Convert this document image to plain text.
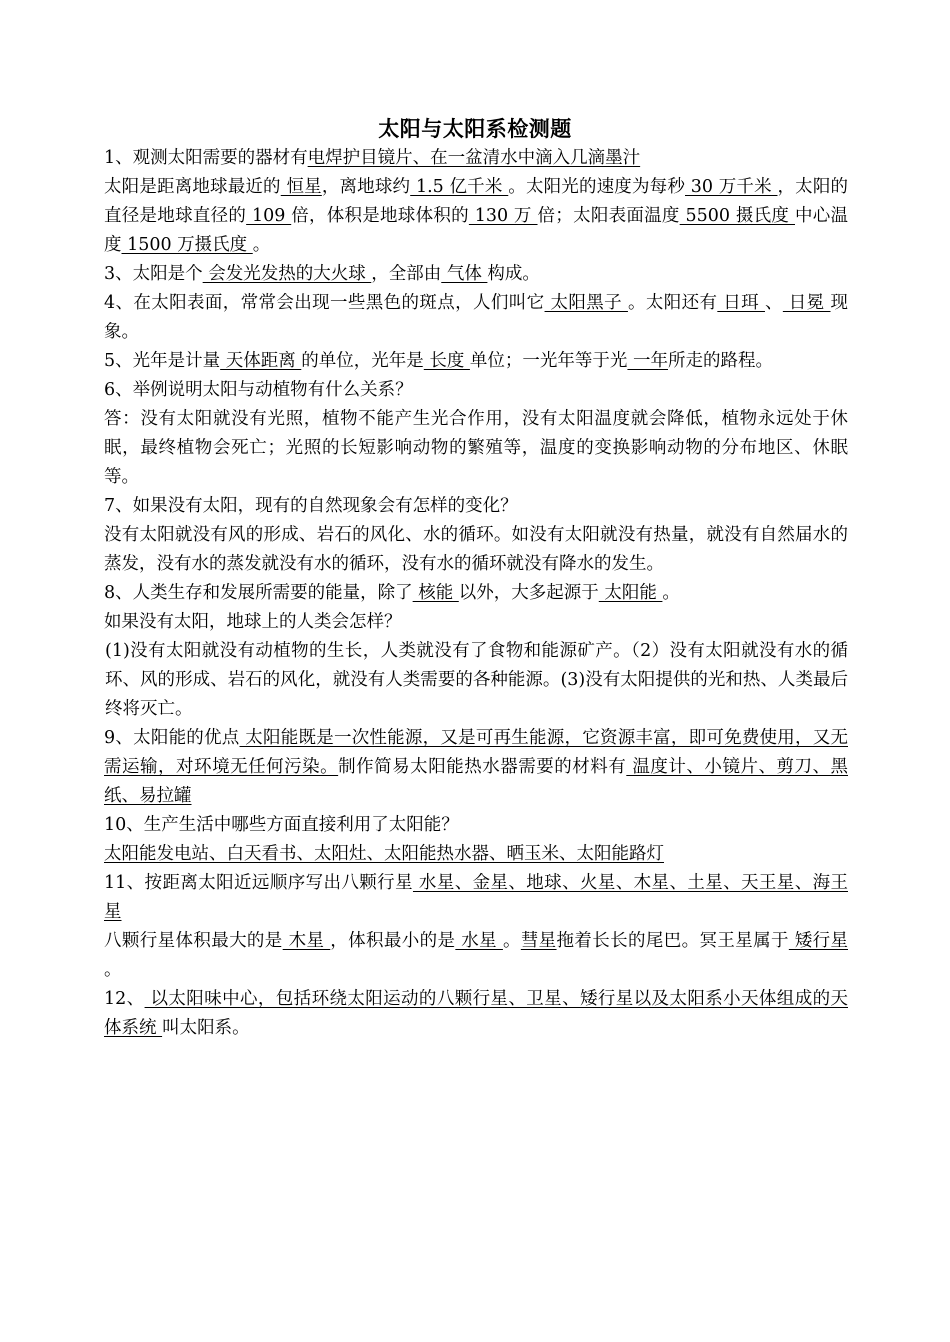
太阳与太阳系检测题

1、观测太阳需要的器材有电焊护目镜片、在一盆清水中滴入几滴墨汁

太阳是距离地球最近的 恒星，离地球约 1.5 亿千米 。太阳光的速度为每秒 30 万千米 ，太阳的直径是地球直径的 109 倍，体积是地球体积的 130 万 倍；太阳表面温度 5500 摄氏度 中心温度 1500 万摄氏度 。

3、太阳是个 会发光发热的大火球 ，全部由 气体 构成。

4、在太阳表面，常常会出现一些黑色的斑点，人们叫它 太阳黑子 。太阳还有 日珥 、 日冕 现象。

5、光年是计量 天体距离 的单位，光年是 长度 单位；一光年等于光 一年所走的路程。

6、举例说明太阳与动植物有什么关系？

答：没有太阳就没有光照，植物不能产生光合作用，没有太阳温度就会降低，植物永远处于休眠，最终植物会死亡；光照的长短影响动物的繁殖等，温度的变换影响动物的分布地区、休眠等。

7、如果没有太阳，现有的自然现象会有怎样的变化？

没有太阳就没有风的形成、岩石的风化、水的循环。如没有太阳就没有热量，就没有自然届水的蒸发，没有水的蒸发就没有水的循环，没有水的循环就没有降水的发生。

8、人类生存和发展所需要的能量，除了 核能 以外，大多起源于 太阳能 。

如果没有太阳，地球上的人类会怎样？

(1)没有太阳就没有动植物的生长，人类就没有了食物和能源矿产。（2）没有太阳就没有水的循环、风的形成、岩石的风化，就没有人类需要的各种能源。(3)没有太阳提供的光和热、人类最后终将灭亡。

9、太阳能的优点 太阳能既是一次性能源，又是可再生能源，它资源丰富，即可免费使用，又无需运输，对环境无任何污染。制作简易太阳能热水器需要的材料有 温度计、小镜片、剪刀、黑纸、易拉罐

10、生产生活中哪些方面直接利用了太阳能？

太阳能发电站、白天看书、太阳灶、太阳能热水器、晒玉米、太阳能路灯

11、按距离太阳近远顺序写出八颗行星 水星、金星、地球、火星、木星、土星、天王星、海王星

八颗行星体积最大的是 木星 ，体积最小的是 水星 。彗星拖着长长的尾巴。冥王星属于 矮行星 。

12、 以太阳味中心，包括环绕太阳运动的八颗行星、卫星、矮行星以及太阳系小天体组成的天体系统 叫太阳系。
